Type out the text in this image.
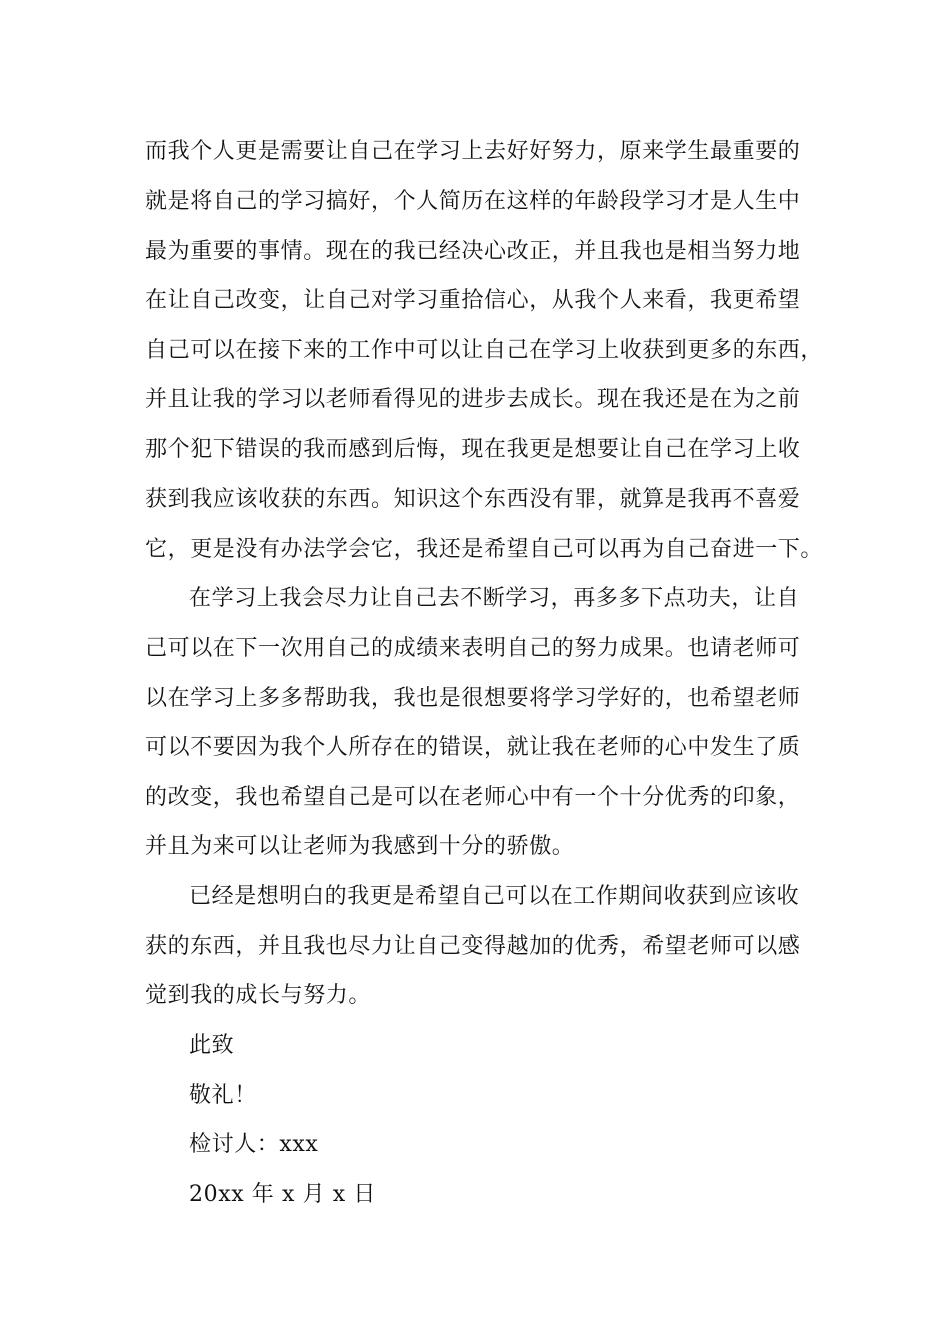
而我个人更是需要让自己在学习上去好好努力，原来学生最重要的
就是将自己的学习搞好，个人简历在这样的年龄段学习才是人生中
最为重要的事情。现在的我已经决心改正，并且我也是相当努力地
在让自己改变，让自己对学习重拾信心，从我个人来看，我更希望
自己可以在接下来的工作中可以让自己在学习上收获到更多的东西，
并且让我的学习以老师看得见的进步去成长。现在我还是在为之前
那个犯下错误的我而感到后悔，现在我更是想要让自己在学习上收
获到我应该收获的东西。知识这个东西没有罪，就算是我再不喜爱
它，更是没有办法学会它，我还是希望自己可以再为自己奋进一下。
在学习上我会尽力让自己去不断学习，再多多下点功夫，让自
己可以在下一次用自己的成绩来表明自己的努力成果。也请老师可
以在学习上多多帮助我，我也是很想要将学习学好的，也希望老师
可以不要因为我个人所存在的错误，就让我在老师的心中发生了质
的改变，我也希望自己是可以在老师心中有一个十分优秀的印象，
并且为来可以让老师为我感到十分的骄傲。
已经是想明白的我更是希望自己可以在工作期间收获到应该收
获的东西，并且我也尽力让自己变得越加的优秀，希望老师可以感
觉到我的成长与努力。
此致
敬礼！
检讨人：xxx
20xx 年 x 月 x 日
